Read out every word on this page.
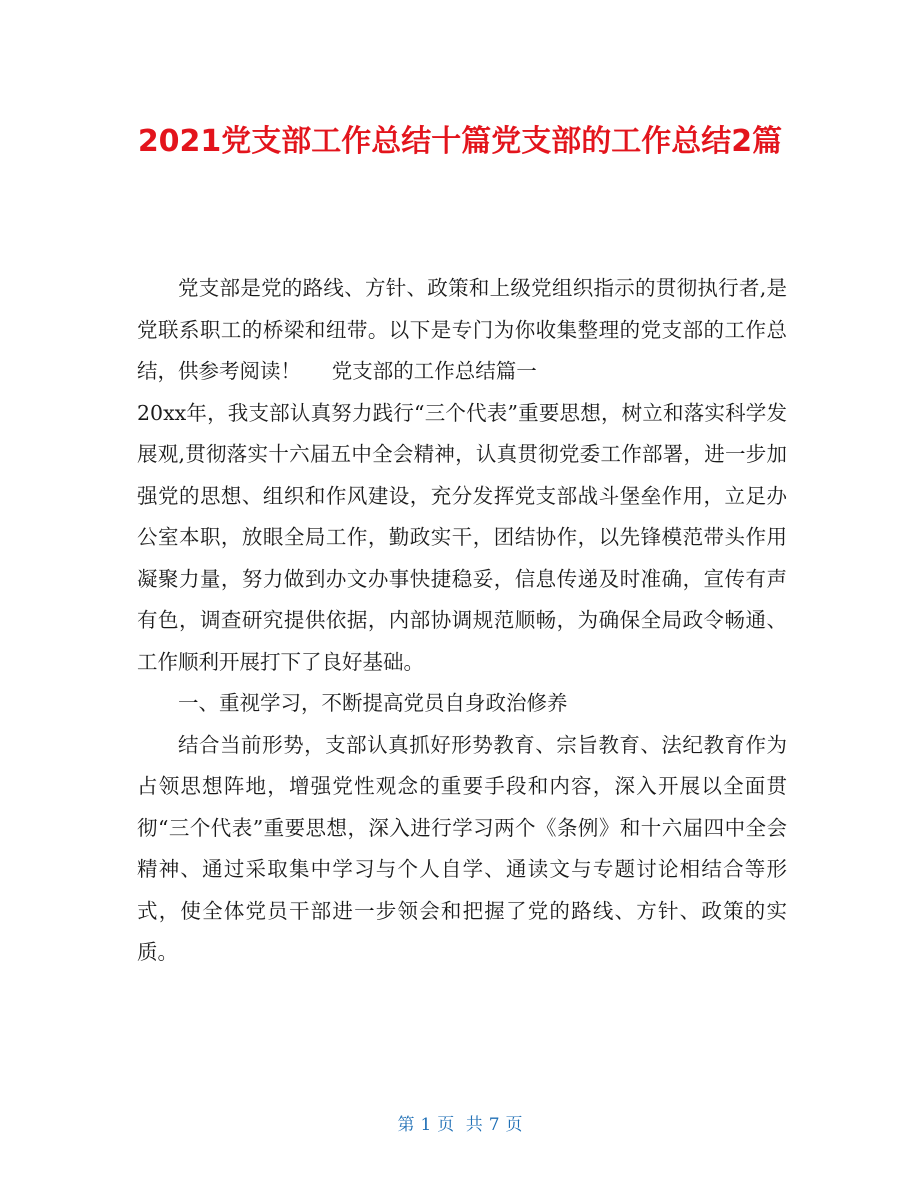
2021党支部工作总结十篇党支部的工作总结2篇

党支部是党的路线、方针、政策和上级党组织指示的贯彻执行者,是党联系职工的桥梁和纽带。以下是专门为你收集整理的党支部的工作总结，供参考阅读！ 党支部的工作总结篇一

20xx年，我支部认真努力践行“三个代表”重要思想，树立和落实科学发展观,贯彻落实十六届五中全会精神，认真贯彻党委工作部署，进一步加强党的思想、组织和作风建设，充分发挥党支部战斗堡垒作用，立足办公室本职，放眼全局工作，勤政实干，团结协作，以先锋模范带头作用凝聚力量，努力做到办文办事快捷稳妥，信息传递及时准确，宣传有声有色，调查研究提供依据，内部协调规范顺畅，为确保全局政令畅通、工作顺利开展打下了良好基础。

一、重视学习，不断提高党员自身政治修养

结合当前形势，支部认真抓好形势教育、宗旨教育、法纪教育作为占领思想阵地，增强党性观念的重要手段和内容，深入开展以全面贯彻“三个代表”重要思想，深入进行学习两个《条例》和十六届四中全会精神、通过采取集中学习与个人自学、通读文与专题讨论相结合等形式，使全体党员干部进一步领会和把握了党的路线、方针、政策的实质。

第 1 页 共 7 页
